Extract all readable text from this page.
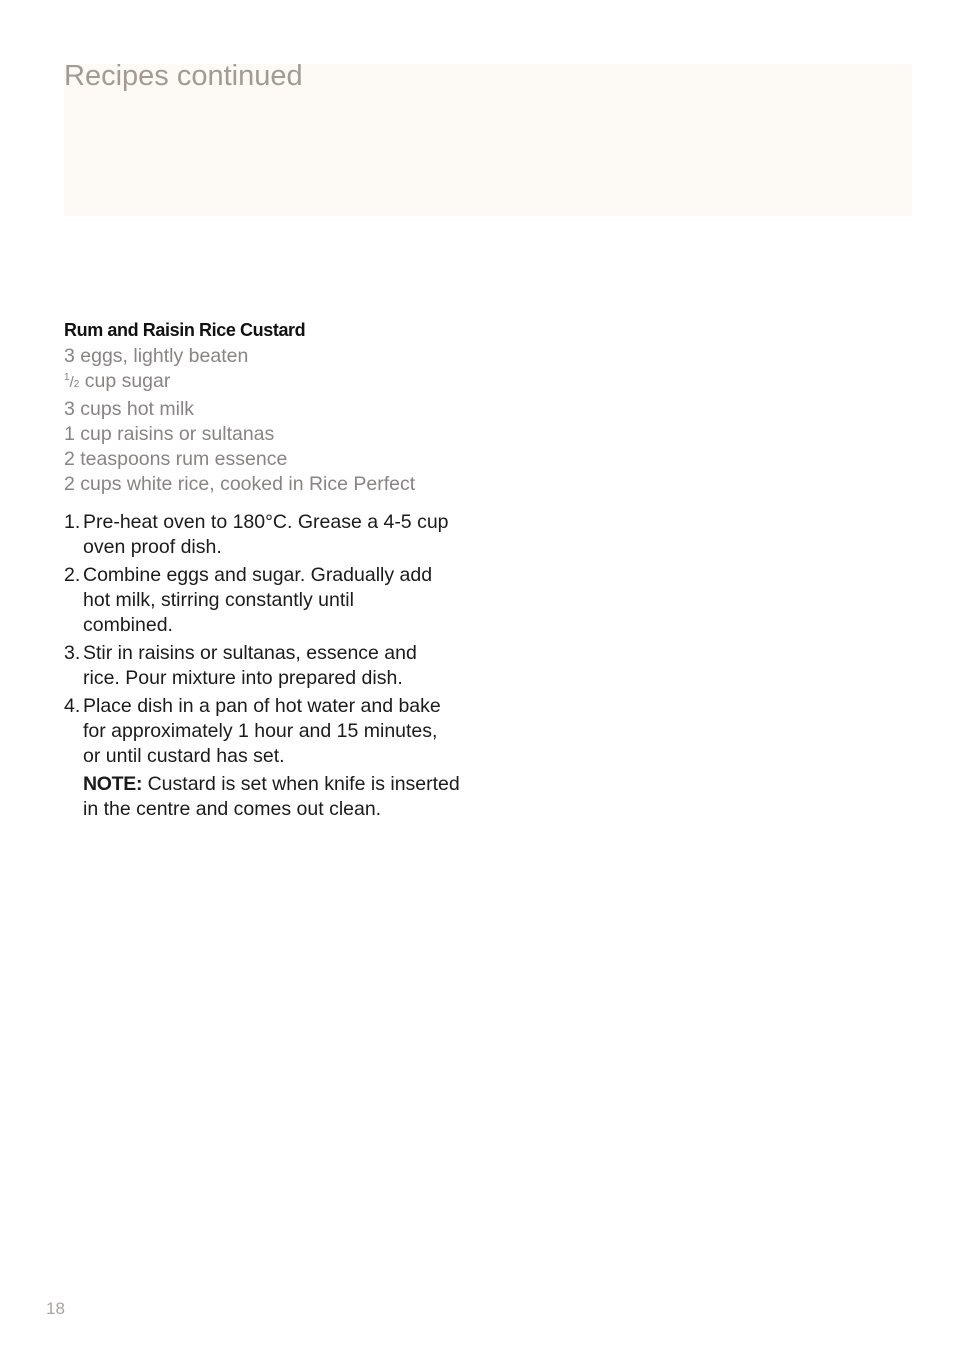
Recipes continued
Rum and Raisin Rice Custard
3 eggs, lightly beaten
$^1$/2 cup sugar
3 cups hot milk
1 cup raisins or sultanas
2 teaspoons rum essence
2 cups white rice, cooked in Rice Perfect
1. Pre-heat oven to 180°C. Grease a 4-5 cup
oven proof dish.
2. Combine eggs and sugar. Gradually add
hot milk, stirring constantly until
combined.
3. Stir in raisins or sultanas, essence and
rice. Pour mixture into prepared dish.
4. Place dish in a pan of hot water and bake
for approximately 1 hour and 15 minutes,
or until custard has set.
NOTE: Custard is set when knife is inserted
in the centre and comes out clean.
18
